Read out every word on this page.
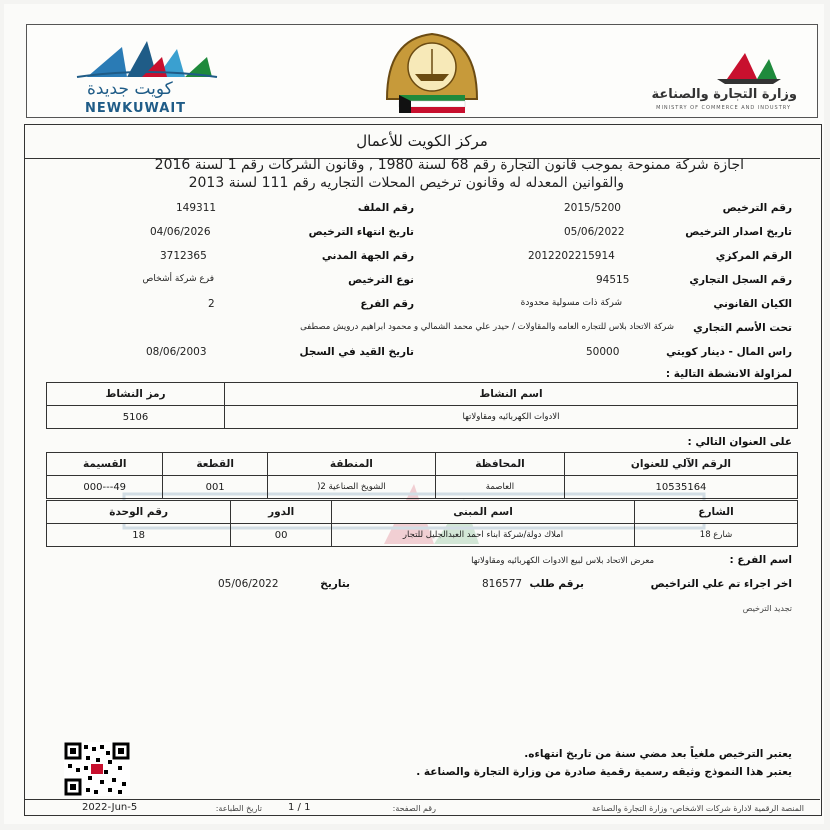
كويت جديدة
NEWKUWAIT
وزارة التجارة والصناعة
MINISTRY OF COMMERCE AND INDUSTRY
مركز الكويت للأعمال
اجازة شركة ممنوحة بموجب قانون التجارة رقم 68 لسنة 1980 , وقانون الشركات رقم 1 لسنة 2016
والقوانين المعدله له وقانون ترخيص المحلات التجاريه رقم 111 لسنة 2013
رقم الترخيص
2015/5200
رقم الملف
149311
تاريخ اصدار الترخيص
05/06/2022
تاريخ انتهاء الترخيص
04/06/2026
الرقم المركزي
2012202215914
رقم الجهة المدني
3712365
رقم السجل التجاري
94515
نوع الترخيص
فرع شركة أشخاص
الكيان القانوني
شركة ذات مسولية محدودة
رقم الفرع
2
تحت الأسم التجاري
شركة الاتحاد بلاس للتجاره العامه والمقاولات / حيدر علي محمد الشمالي و محمود ابراهيم درويش مصطفى
راس المال - دينار كويتي
50000
تاريخ القيد في السجل
08/06/2003
لمزاولة الانشطة التالية :
اسم النشاط	رمز النشاط
الادوات الكهربائيه ومقاولاتها	5106
على العنوان التالي :
الرقم الآلي للعنوان	المحافظة	المنطقة	القطعة	القسيمة
10535164	العاصمة	الشويخ الصناعية 2(	001	49---000
الشارع	اسم المبنى	الدور	رقم الوحدة
شارع 18	املاك دولة/شركة ابناء احمد العبدالجليل للتجار	00	18
اسم الفرع :
معرض الاتحاد بلاس لبيع الادوات الكهربائيه ومقاولاتها
اخر اجراء تم علي التراخيص
برقم طلب
816577
بتاريخ
05/06/2022
تجديد الترخيص
يعتبر الترخيص ملغياً بعد مضي سنة من تاريخ انتهاءه.
يعتبر هذا النموذج وثيقه رسمية رقمية صادرة من وزارة التجارة والصناعة .
المنصة الرقمية لادارة شركات الاشخاص- وزارة التجارة والصناعة
رقم الصفحة:
1 / 1
تاريخ الطباعة:
2022-Jun-5
